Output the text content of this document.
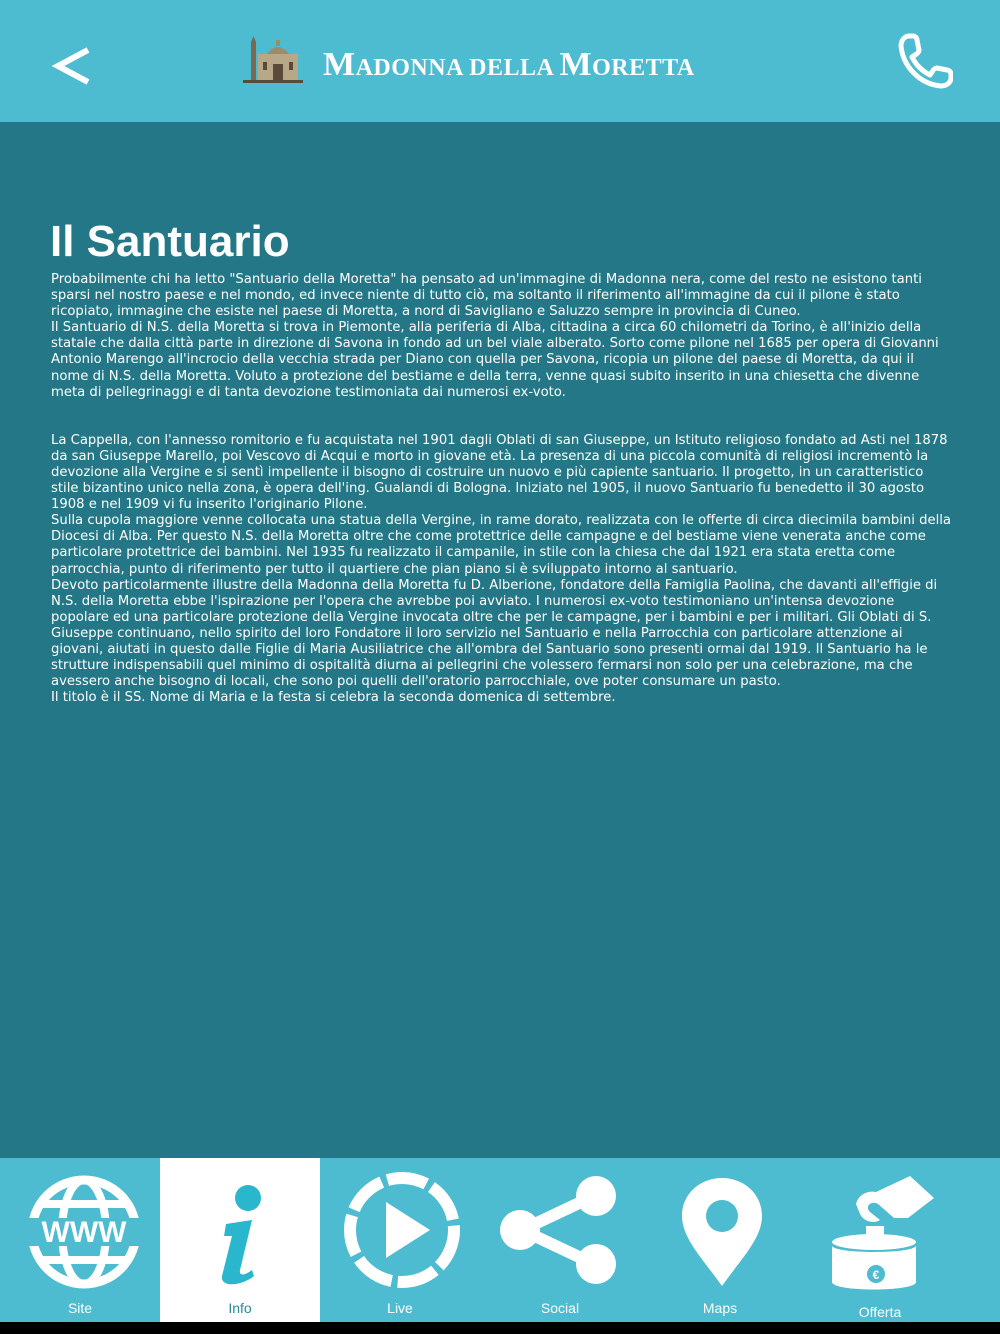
MADONNA DELLA MORETTA
Il Santuario

Probabilmente chi ha letto "Santuario della Moretta" ha pensato ad un'immagine di Madonna nera, come del resto ne esistono tanti sparsi nel nostro paese e nel mondo, ed invece niente di tutto ciò, ma soltanto il riferimento all'immagine da cui il pilone è stato ricopiato, immagine che esiste nel paese di Moretta, a nord di Savigliano e Saluzzo sempre in provincia di Cuneo.

Il Santuario di N.S. della Moretta si trova in Piemonte, alla periferia di Alba, cittadina a circa 60 chilometri da Torino, è all'inizio della statale che dalla città parte in direzione di Savona in fondo ad un bel viale alberato. Sorto come pilone nel 1685 per opera di Giovanni Antonio Marengo all'incrocio della vecchia strada per Diano con quella per Savona, ricopia un pilone del paese di Moretta, da qui il nome di N.S. della Moretta. Voluto a protezione del bestiame e della terra, venne quasi subito inserito in una chiesetta che divenne meta di pellegrinaggi e di tanta devozione testimoniata dai numerosi ex-voto.

La Cappella, con l'annesso romitorio e fu acquistata nel 1901 dagli Oblati di san Giuseppe, un Istituto religioso fondato ad Asti nel 1878 da san Giuseppe Marello, poi Vescovo di Acqui e morto in giovane età. La presenza di una piccola comunità di religiosi incrementò la devozione alla Vergine e si sentì impellente il bisogno di costruire un nuovo e più capiente santuario. Il progetto, in un caratteristico stile bizantino unico nella zona, è opera dell'ing. Gualandi di Bologna. Iniziato nel 1905, il nuovo Santuario fu benedetto il 30 agosto 1908 e nel 1909 vi fu inserito l'originario Pilone.

Sulla cupola maggiore venne collocata una statua della Vergine, in rame dorato, realizzata con le offerte di circa diecimila bambini della Diocesi di Alba. Per questo N.S. della Moretta oltre che come protettrice delle campagne e del bestiame viene venerata anche come particolare protettrice dei bambini. Nel 1935 fu realizzato il campanile, in stile con la chiesa che dal 1921 era stata eretta come parrocchia, punto di riferimento per tutto il quartiere che pian piano si è sviluppato intorno al santuario.

Devoto particolarmente illustre della Madonna della Moretta fu D. Alberione, fondatore della Famiglia Paolina, che davanti all'effigie di N.S. della Moretta ebbe l'ispirazione per l'opera che avrebbe poi avviato. I numerosi ex-voto testimoniano un'intensa devozione popolare ed una particolare protezione della Vergine invocata oltre che per le campagne, per i bambini e per i militari. Gli Oblati di S. Giuseppe continuano, nello spirito del loro Fondatore il loro servizio nel Santuario e nella Parrocchia con particolare attenzione ai giovani, aiutati in questo dalle Figlie di Maria Ausiliatrice che all'ombra del Santuario sono presenti ormai dal 1919. Il Santuario ha le strutture indispensabili quel minimo di ospitalità diurna ai pellegrini che volessero fermarsi non solo per una celebrazione, ma che avessero anche bisogno di locali, che sono poi quelli dell'oratorio parrocchiale, ove poter consumare un pasto.

Il titolo è il SS. Nome di Maria e la festa si celebra la seconda domenica di settembre.

WWW
Site	Info	Live	Social	Maps
€
Offerta
